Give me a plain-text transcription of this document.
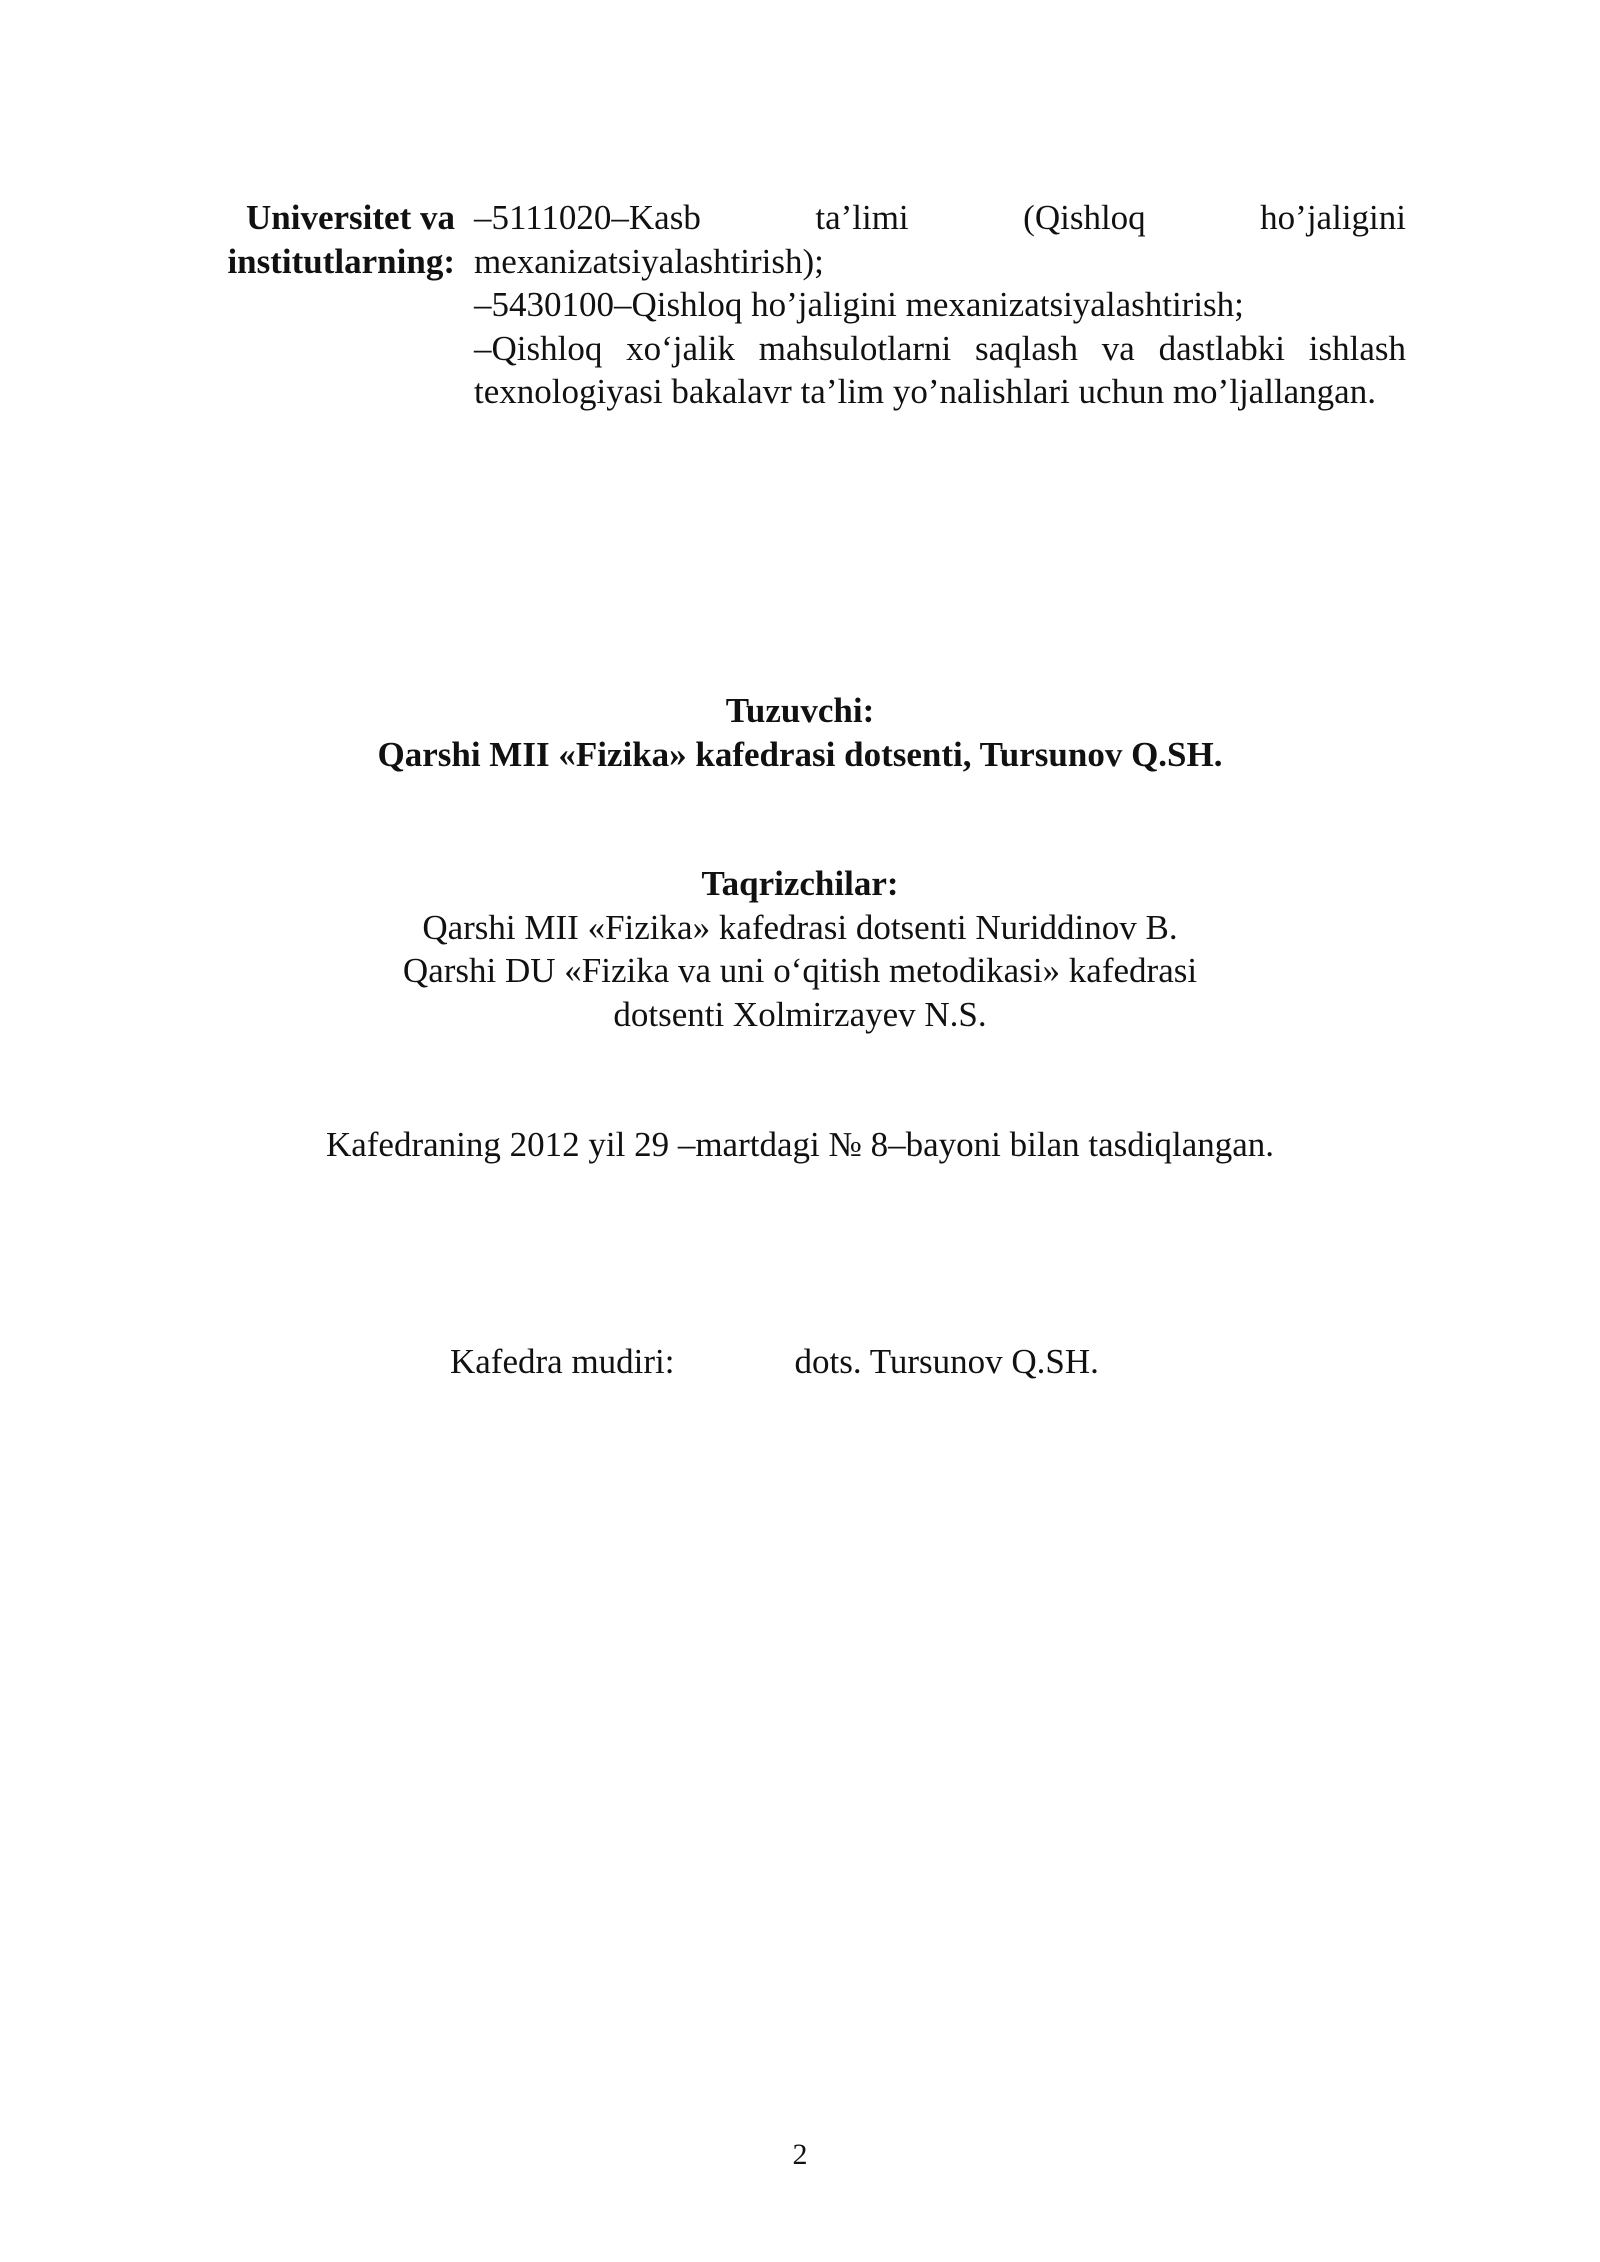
Universitet va
institutlarning:

–5111020–Kasb ta’limi (Qishloq ho’jaligini mexanizatsiyalashtirish);

–5430100–Qishloq ho’jaligini mexanizatsiyalashtirish;

–Qishloq xo‘jalik mahsulotlarni saqlash va dastlabki ishlash texnologiyasi bakalavr ta’lim yo’nalishlari uchun mo’ljallangan.

Tuzuvchi:
Qarshi MII «Fizika» kafedrasi dotsenti, Tursunov Q.SH.
Taqrizchilar:
Qarshi MII «Fizika» kafedrasi dotsenti Nuriddinov B.
Qarshi DU «Fizika va uni o‘qitish metodikasi» kafedrasi
dotsenti Xolmirzayev N.S.
Kafedraning 2012 yil 29 –martdagi № 8–bayoni bilan tasdiqlangan.
Kafedra mudiri:	dots. Tursunov Q.SH.
2
